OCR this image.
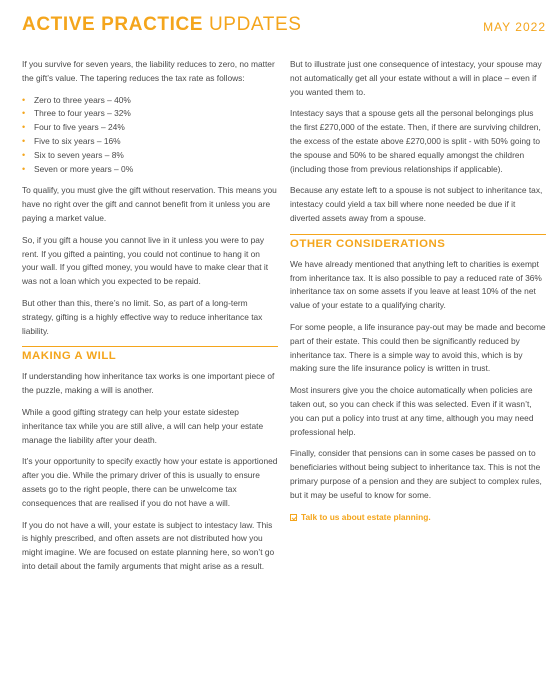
ACTIVE PRACTICE UPDATES	MAY 2022

If you survive for seven years, the liability reduces to zero, no matter the gift’s value. The tapering reduces the tax rate as follows:

• Zero to three years – 40%
• Three to four years – 32%
• Four to five years – 24%
• Five to six years – 16%
• Six to seven years – 8%
• Seven or more years – 0%

To qualify, you must give the gift without reservation. This means you have no right over the gift and cannot benefit from it unless you are paying a market value.

So, if you gift a house you cannot live in it unless you were to pay rent. If you gifted a painting, you could not continue to hang it on your wall. If you gifted money, you would have to make clear that it was not a loan which you expected to be repaid.

But other than this, there’s no limit. So, as part of a long-term strategy, gifting is a highly effective way to reduce inheritance tax liability.

MAKING A WILL

If understanding how inheritance tax works is one important piece of the puzzle, making a will is another.

While a good gifting strategy can help your estate sidestep inheritance tax while you are still alive, a will can help your estate manage the liability after your death.

It’s your opportunity to specify exactly how your estate is apportioned after you die. While the primary driver of this is usually to ensure assets go to the right people, there can be unwelcome tax consequences that are realised if you do not have a will.

If you do not have a will, your estate is subject to intestacy law. This is highly prescribed, and often assets are not distributed how you might imagine. We are focused on estate planning here, so won’t go into detail about the family arguments that might arise as a result.

But to illustrate just one consequence of intestacy, your spouse may not automatically get all your estate without a will in place – even if you wanted them to.

Intestacy says that a spouse gets all the personal belongings plus the first £270,000 of the estate. Then, if there are surviving children, the excess of the estate above £270,000 is split - with 50% going to the spouse and 50% to be shared equally amongst the children (including those from previous relationships if applicable).

Because any estate left to a spouse is not subject to inheritance tax, intestacy could yield a tax bill where none needed be due if it diverted assets away from a spouse.

OTHER CONSIDERATIONS

We have already mentioned that anything left to charities is exempt from inheritance tax. It is also possible to pay a reduced rate of 36% inheritance tax on some assets if you leave at least 10% of the net value of your estate to a qualifying charity.

For some people, a life insurance pay-out may be made and become part of their estate. This could then be significantly reduced by inheritance tax. There is a simple way to avoid this, which is by making sure the life insurance policy is written in trust.

Most insurers give you the choice automatically when policies are taken out, so you can check if this was selected. Even if it wasn’t, you can put a policy into trust at any time, although you may need professional help.

Finally, consider that pensions can in some cases be passed on to beneficiaries without being subject to inheritance tax. This is not the primary purpose of a pension and they are subject to complex rules, but it may be useful to know for some.

Talk to us about estate planning.
